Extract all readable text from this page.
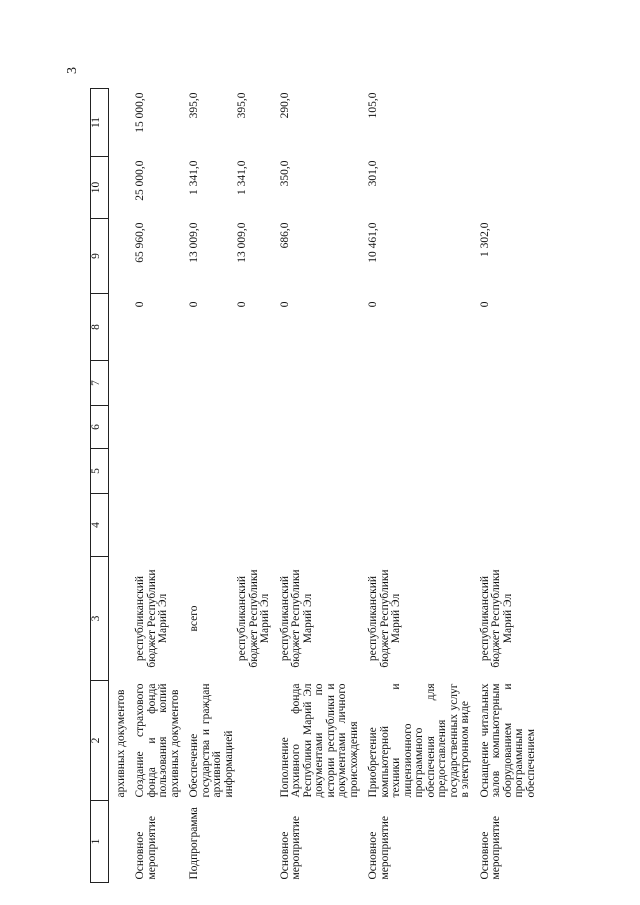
3
1	2	3	4	5	6	7	8	9	10	11

	архивных документов									

Основное мероприятие	Создание страхового фонда и фонда пользования копий архивных документов	республиканский бюджет Республики Марий Эл					0	65 960,0	25 000,0	15 000,0

Подпрограмма	Обеспечение государства и граждан архивной информацией	всего					0	13 009,0	1 341,0	395,0
		республиканский бюджет Республики Марий Эл					0	13 009,0	1 341,0	395,0

Основное мероприятие	Пополнение Архивного фонда Республики Марий Эл документами по истории республики и документами личного происхождения	республиканский бюджет Республики Марий Эл					0	686,0	350,0	290,0

Основное мероприятие	Приобретение компьютерной техники и лицензионного программного обеспечения для предоставления государственных услуг в электронном виде	республиканский бюджет Республики Марий Эл					0	10 461,0	301,0	105,0

Основное мероприятие	Оснащение читальных залов компьютерным оборудованием и программным обеспечением	республиканский бюджет Республики Марий Эл					0	1 302,0		
